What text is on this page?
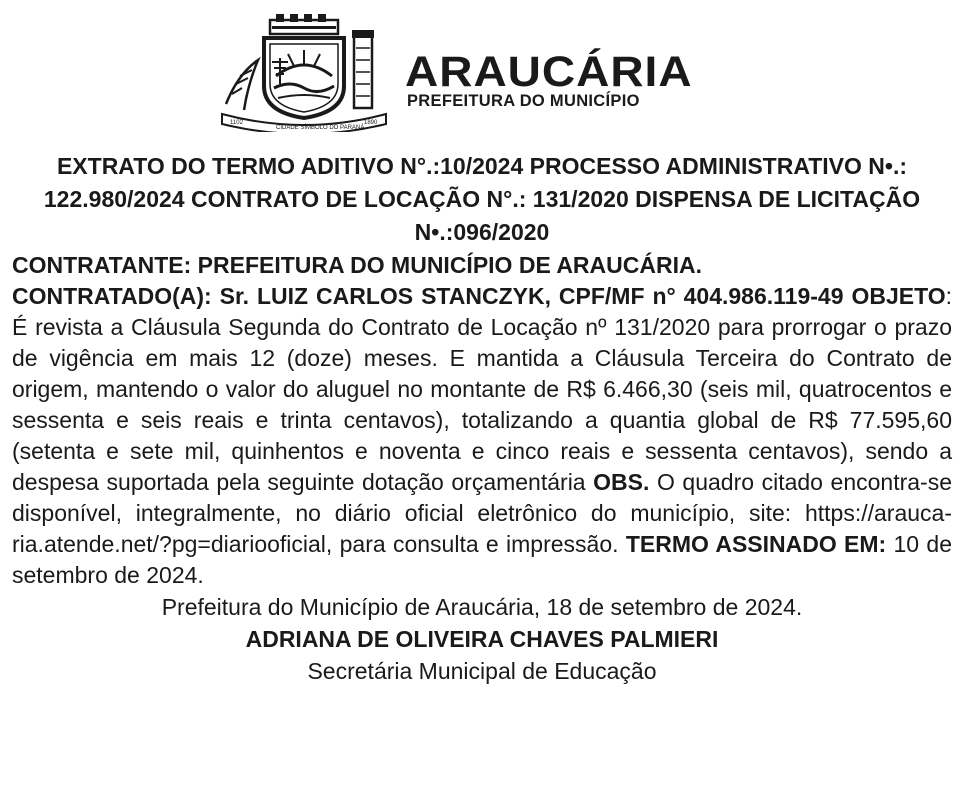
1102
CIDADE SÍMBOLO DO PARANÁ
1890
ARAUCÁRIA
PREFEITURA DO MUNICÍPIO

EXTRATO DO TERMO ADITIVO N°.:10/2024 PROCESSO ADMINISTRATIVO N•.: 122.980/2024 CONTRATO DE LOCAÇÃO N°.: 131/2020 DISPENSA DE LICITAÇÃO N•.:096/2020

CONTRATANTE: PREFEITURA DO MUNICÍPIO DE ARAUCÁRIA.

CONTRATADO(A): Sr. LUIZ CARLOS STANCZYK, CPF/MF n° 404.986.119-49 OBJETO: É revista a Cláusula Segunda do Contrato de Locação nº 131/2020 para prorrogar o prazo de vigência em mais 12 (doze) meses. E mantida a Cláusula Terceira do Contrato de origem, mantendo o valor do aluguel no montante de R$ 6.466,30 (seis mil, quatrocentos e sessenta e seis reais e trinta centavos), totalizando a quantia global de R$ 77.595,60 (setenta e sete mil, quinhentos e noventa e cinco reais e sessenta centavos), sendo a despesa suportada pela seguinte dotação orçamentária OBS. O quadro citado encontra-se disponível, integralmente, no diário oficial eletrônico do município, site: https://araucaria.atende.net/?pg=diariooficial, para consulta e impressão. TERMO ASSINADO EM: 10 de setembro de 2024.

Prefeitura do Município de Araucária, 18 de setembro de 2024.

ADRIANA DE OLIVEIRA CHAVES PALMIERI

Secretária Municipal de Educação
